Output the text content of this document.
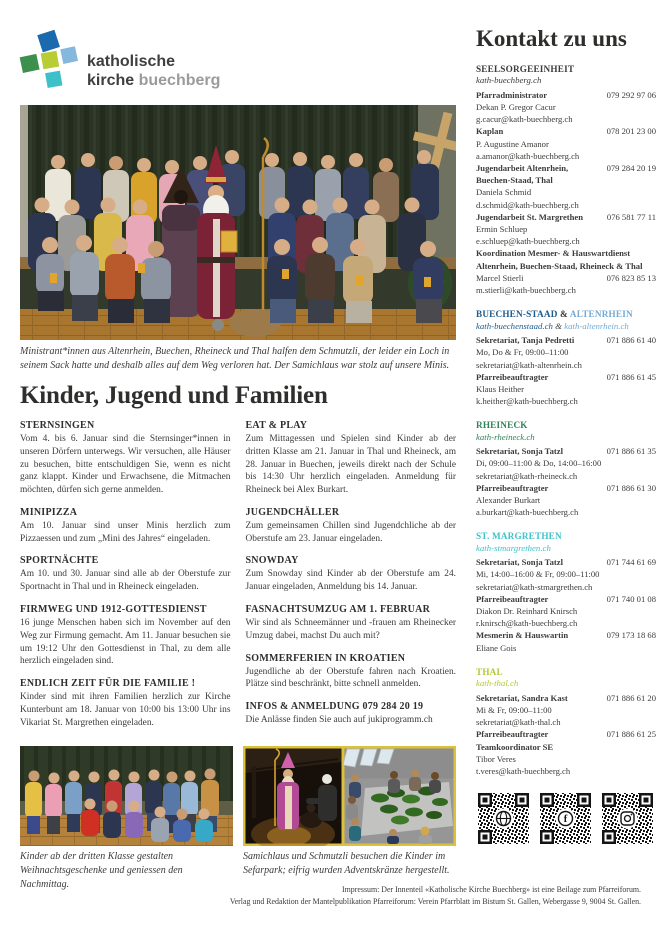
katholische
kirche buechberg
Ministrant*innen aus Altenrhein, Buechen, Rheineck und Thal halfen dem Schmutzli, der leider ein Loch in seinem Sack hatte und deshalb alles auf dem Weg verloren hat. Der Samichlaus war stolz auf unsere Minis.
Kinder, Jugend und Familien
STERNSINGEN

Vom 4. bis 6. Januar sind die Sternsinger*innen in unseren Dörfern unterwegs. Wir versuchen, alle Häuser zu besuchen, bitte entschuldigen Sie, wenn es nicht ganz klappt. Kinder und Erwachsene, die Mitmachen möchten, dürfen sich gerne anmelden.

MINIPIZZA

Am 10. Januar sind unser Minis herzlich zum Pizzaessen und zum „Mini des Jahres“ eingeladen.

SPORTNÄCHTE

Am 10. und 30. Januar sind alle ab der Oberstufe zur Sportnacht in Thal und in Rheineck eingeladen.

FIRMWEG UND 1912-GOTTESDIENST

16 junge Menschen haben sich im November auf den Weg zur Firmung gemacht. Am 11. Januar besuchen sie um 19:12 Uhr den Gottesdienst in Thal, zu dem alle herzlich eingeladen sind.

ENDLICH ZEIT FÜR DIE FAMILIE !

Kinder sind mit ihren Familien herzlich zur Kirche Kunterbunt am 18. Januar von 10:00 bis 13:00 Uhr ins Vikariat St. Margrethen eingeladen.

EAT & PLAY

Zum Mittagessen und Spielen sind Kinder ab der dritten Klasse am 21. Januar in Thal und Rheineck, am 28. Januar in Buechen, jeweils direkt nach der Schule bis 14:30 Uhr herzlich eingeladen. Anmeldung für Rheineck bei Alex Burkart.

JUGENDCHÄLLER

Zum gemeinsamen Chillen sind Jugendchliche ab der Oberstufe am 23. Januar eingeladen.

SNOWDAY

Zum Snowday sind Kinder ab der Oberstufe am 24. Januar eingeladen, Anmeldung bis 14. Januar.

FASNACHTSUMZUG AM 1. FEBRUAR

Wir sind als Schneemänner und -frauen am Rheinecker Umzug dabei, machst Du auch mit?

SOMMERFERIEN IN KROATIEN

Jugendliche ab der Oberstufe fahren nach Kroatien. Plätze sind beschränkt, bitte schnell anmelden.

INFOS & ANMELDUNG 079 284 20 19

Die Anlässe finden Sie auch auf jukiprogramm.ch

Kinder ab der dritten Klasse gestalten Weihnachtsgeschenke und geniessen den Nachmittag.
Samichlaus und Schmutzli besuchen die Kinder im Sefarpark; eifrig wurden Adventskränze hergestellt.
Kontakt zu uns
SEELSORGEEINHEIT
kath-buechberg.ch
Pfarradministrator	079 292 97 06
Dekan P. Gregor Cacur
g.cacur@kath-buechberg.ch
Kaplan	078 201 23 00
P. Augustine Amanor
a.amanor@kath-buechberg.ch
Jugendarbeit Altenrhein,	079 284 20 19
Buechen-Staad, Thal
Daniela Schmid
d.schmid@kath-buechberg.ch
Jugendarbeit St. Margrethen	076 581 77 11
Ermin Schluep
e.schluep@kath-buechberg.ch
Koordination Mesmer- & Hauswartdienst
Altenrhein, Buechen-Staad, Rheineck & Thal
Marcel Stierli	076 823 85 13
m.stierli@kath-buechberg.ch
BUECHEN-STAAD & ALTENRHEIN
kath-buechenstaad.ch & kath-altenrhein.ch
Sekretariat, Tanja Pedretti	071 886 61 40
Mo, Do & Fr, 09:00–11:00
sekretariat@kath-altenrhein.ch
Pfarreibeauftragter	071 886 61 45
Klaus Heither
k.heither@kath-buechberg.ch
RHEINECK
kath-rheineck.ch
Sekretariat, Sonja Tatzl	071 886 61 35
Di, 09:00–11:00 & Do, 14:00–16:00
sekretariat@kath-rheineck.ch
Pfarreibeauftragter	071 886 61 30
Alexander Burkart
a.burkart@kath-buechberg.ch
ST. MARGRETHEN
kath-stmargrethen.ch
Sekretariat, Sonja Tatzl	071 744 61 69
Mi, 14:00–16:00 & Fr, 09:00–11:00
sekretariat@kath-stmargrethen.ch
Pfarreibeauftragter	071 740 01 08
Diakon Dr. Reinhard Knirsch
r.knirsch@kath-buechberg.ch
Mesmerin & Hauswartin	079 173 18 68
Eliane Gois
THAL
kath-thal.ch
Sekretariat, Sandra Kast	071 886 61 20
Mi & Fr, 09:00–11:00
sekretariat@kath-thal.ch
Pfarreibeauftragter	071 886 61 25
Teamkoordinator SE
Tibor Veres
t.veres@kath-buechberg.ch
f
Impressum: Der Innenteil «Katholische Kirche Buechberg» ist eine Beilage zum Pfarreiforum.
Verlag und Redaktion der Mantelpublikation Pfarreiforum: Verein Pfarrblatt im Bistum St. Gallen, Webergasse 9, 9004 St. Gallen.
